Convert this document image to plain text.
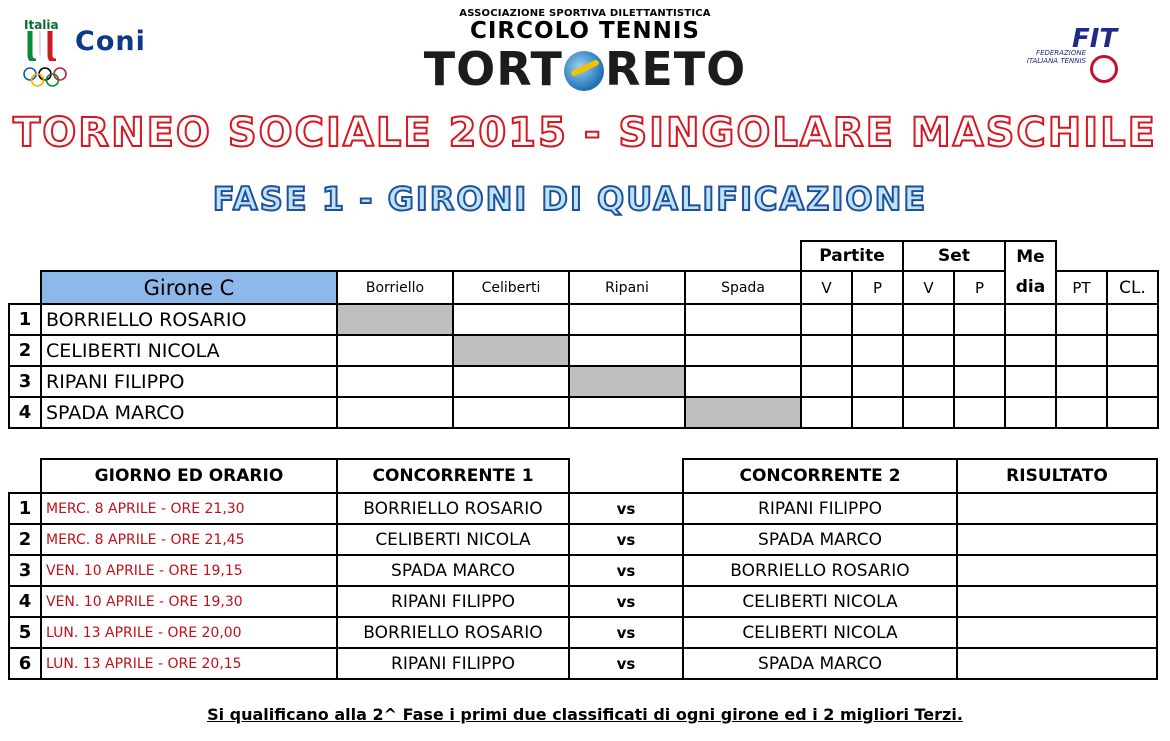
Italia
Coni
ASSOCIAZIONE SPORTIVA DILETTANTISTICA
CIRCOLO TENNIS
TORT RETO
FIT
FEDERAZIONE ITALIANA TENNIS
TORNEO SOCIALE 2015 - SINGOLARE MASCHILE
FASE 1 - GIRONI DI QUALIFICAZIONE
						Partite		Set		Me		
	Girone C	Borriello	Celiberti	Ripani	Spada	V	P	V	P	dia	PT	CL.
1	BORRIELLO ROSARIO											
2	CELIBERTI NICOLA											
3	RIPANI FILIPPO											
4	SPADA MARCO											
	GIORNO ED ORARIO	CONCORRENTE 1		CONCORRENTE 2	RISULTATO
1	MERC. 8 APRILE - ORE 21,30	BORRIELLO ROSARIO	vs	RIPANI FILIPPO	
2	MERC. 8 APRILE - ORE 21,45	CELIBERTI NICOLA	vs	SPADA MARCO	
3	VEN. 10 APRILE - ORE 19,15	SPADA MARCO	vs	BORRIELLO ROSARIO	
4	VEN. 10 APRILE - ORE 19,30	RIPANI FILIPPO	vs	CELIBERTI NICOLA	
5	LUN. 13 APRILE - ORE 20,00	BORRIELLO ROSARIO	vs	CELIBERTI NICOLA	
6	LUN. 13 APRILE - ORE 20,15	RIPANI FILIPPO	vs	SPADA MARCO	
Si qualificano alla 2^ Fase i primi due classificati di ogni girone ed i 2 migliori Terzi.
